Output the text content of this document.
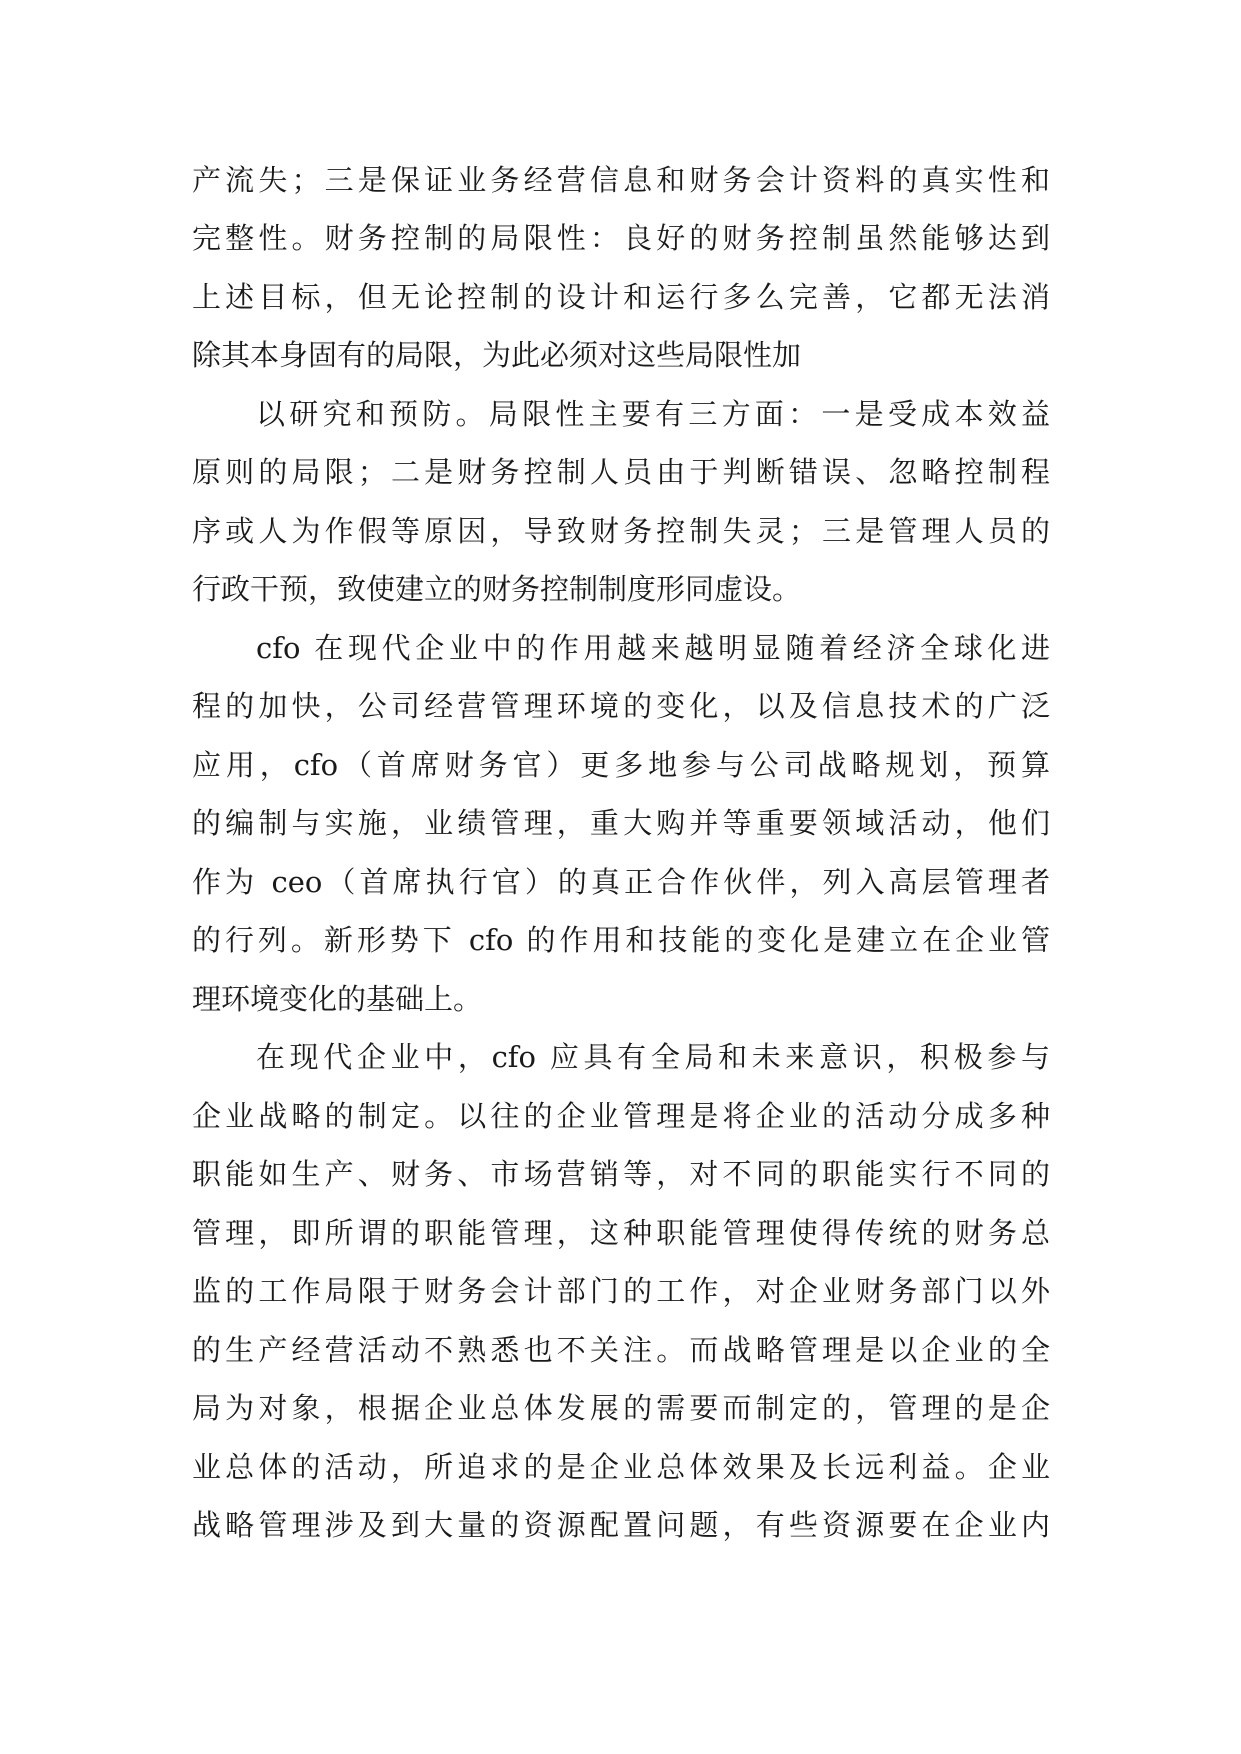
产流失；三是保证业务经营信息和财务会计资料的真实性和
完整性。财务控制的局限性：良好的财务控制虽然能够达到
上述目标，但无论控制的设计和运行多么完善，它都无法消
除其本身固有的局限，为此必须对这些局限性加
以研究和预防。局限性主要有三方面：一是受成本效益
原则的局限；二是财务控制人员由于判断错误、忽略控制程
序或人为作假等原因，导致财务控制失灵；三是管理人员的
行政干预，致使建立的财务控制制度形同虚设。
cfo 在现代企业中的作用越来越明显随着经济全球化进
程的加快，公司经营管理环境的变化，以及信息技术的广泛
应用，cfo（首席财务官）更多地参与公司战略规划，预算
的编制与实施，业绩管理，重大购并等重要领域活动，他们
作为 ceo（首席执行官）的真正合作伙伴，列入高层管理者
的行列。新形势下 cfo 的作用和技能的变化是建立在企业管
理环境变化的基础上。
在现代企业中，cfo 应具有全局和未来意识，积极参与
企业战略的制定。以往的企业管理是将企业的活动分成多种
职能如生产、财务、市场营销等，对不同的职能实行不同的
管理，即所谓的职能管理，这种职能管理使得传统的财务总
监的工作局限于财务会计部门的工作，对企业财务部门以外
的生产经营活动不熟悉也不关注。而战略管理是以企业的全
局为对象，根据企业总体发展的需要而制定的，管理的是企
业总体的活动，所追求的是企业总体效果及长远利益。企业
战略管理涉及到大量的资源配置问题，有些资源要在企业内
